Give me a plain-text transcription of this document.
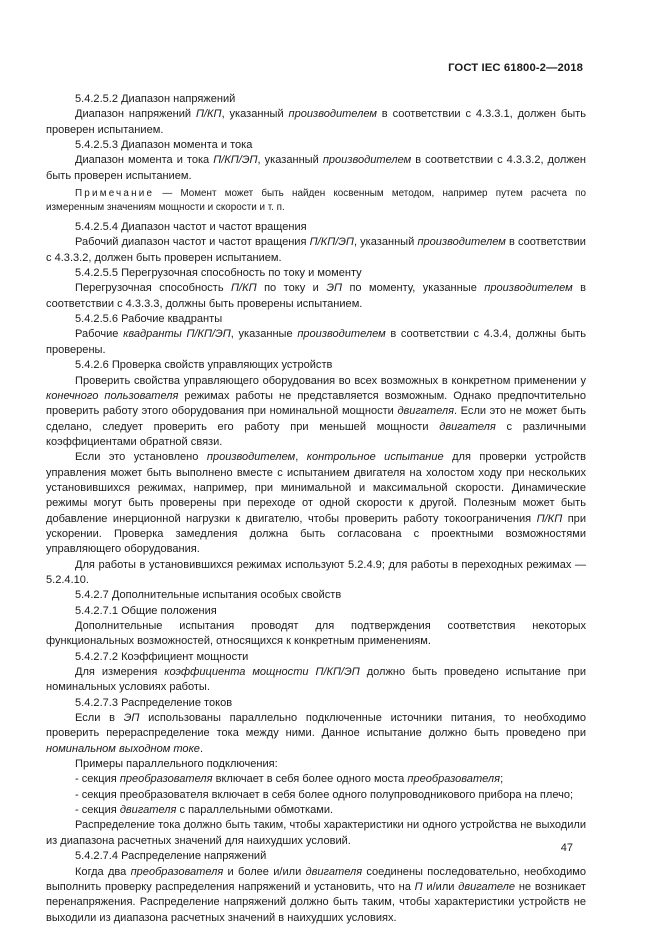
ГОСТ IEC 61800-2—2018

5.4.2.5.2 Диапазон напряжений

Диапазон напряжений П/КП, указанный производителем в соответствии с 4.3.3.1, должен быть проверен испытанием.

5.4.2.5.3 Диапазон момента и тока

Диапазон момента и тока П/КП/ЭП, указанный производителем в соответствии с 4.3.3.2, должен быть проверен испытанием.

Примечание — Момент может быть найден косвенным методом, например путем расчета по измеренным значениям мощности и скорости и т. п.

5.4.2.5.4 Диапазон частот и частот вращения

Рабочий диапазон частот и частот вращения П/КП/ЭП, указанный производителем в соответствии с 4.3.3.2, должен быть проверен испытанием.

5.4.2.5.5 Перегрузочная способность по току и моменту

Перегрузочная способность П/КП по току и ЭП по моменту, указанные производителем в соответствии с 4.3.3.3, должны быть проверены испытанием.

5.4.2.5.6 Рабочие квадранты

Рабочие квадранты П/КП/ЭП, указанные производителем в соответствии с 4.3.4, должны быть проверены.

5.4.2.6 Проверка свойств управляющих устройств

Проверить свойства управляющего оборудования во всех возможных в конкретном применении у конечного пользователя режимах работы не представляется возможным. Однако предпочтительно проверить работу этого оборудования при номинальной мощности двигателя. Если это не может быть сделано, следует проверить его работу при меньшей мощности двигателя с различными коэффициентами обратной связи.

Если это установлено производителем, контрольное испытание для проверки устройств управления может быть выполнено вместе с испытанием двигателя на холостом ходу при нескольких установившихся режимах, например, при минимальной и максимальной скорости. Динамические режимы могут быть проверены при переходе от одной скорости к другой. Полезным может быть добавление инерционной нагрузки к двигателю, чтобы проверить работу токоограничения П/КП при ускорении. Проверка замедления должна быть согласована с проектными возможностями управляющего оборудования.

Для работы в установившихся режимах используют 5.2.4.9; для работы в переходных режимах — 5.2.4.10.

5.4.2.7 Дополнительные испытания особых свойств

5.4.2.7.1 Общие положения

Дополнительные испытания проводят для подтверждения соответствия некоторых функциональных возможностей, относящихся к конкретным применениям.

5.4.2.7.2 Коэффициент мощности

Для измерения коэффициента мощности П/КП/ЭП должно быть проведено испытание при номинальных условиях работы.

5.4.2.7.3 Распределение токов

Если в ЭП использованы параллельно подключенные источники питания, то необходимо проверить перераспределение тока между ними. Данное испытание должно быть проведено при номинальном выходном токе.

Примеры параллельного подключения:

- секция преобразователя включает в себя более одного моста преобразователя;

- секция преобразователя включает в себя более одного полупроводникового прибора на плечо;

- секция двигателя с параллельными обмотками.

Распределение тока должно быть таким, чтобы характеристики ни одного устройства не выходили из диапазона расчетных значений для наихудших условий.

5.4.2.7.4 Распределение напряжений

Когда два преобразователя и более и/или двигателя соединены последовательно, необходимо выполнить проверку распределения напряжений и установить, что на П и/или двигателе не возникает перенапряжения. Распределение напряжений должно быть таким, чтобы характеристики устройств не выходили из диапазона расчетных значений в наихудших условиях.

47
